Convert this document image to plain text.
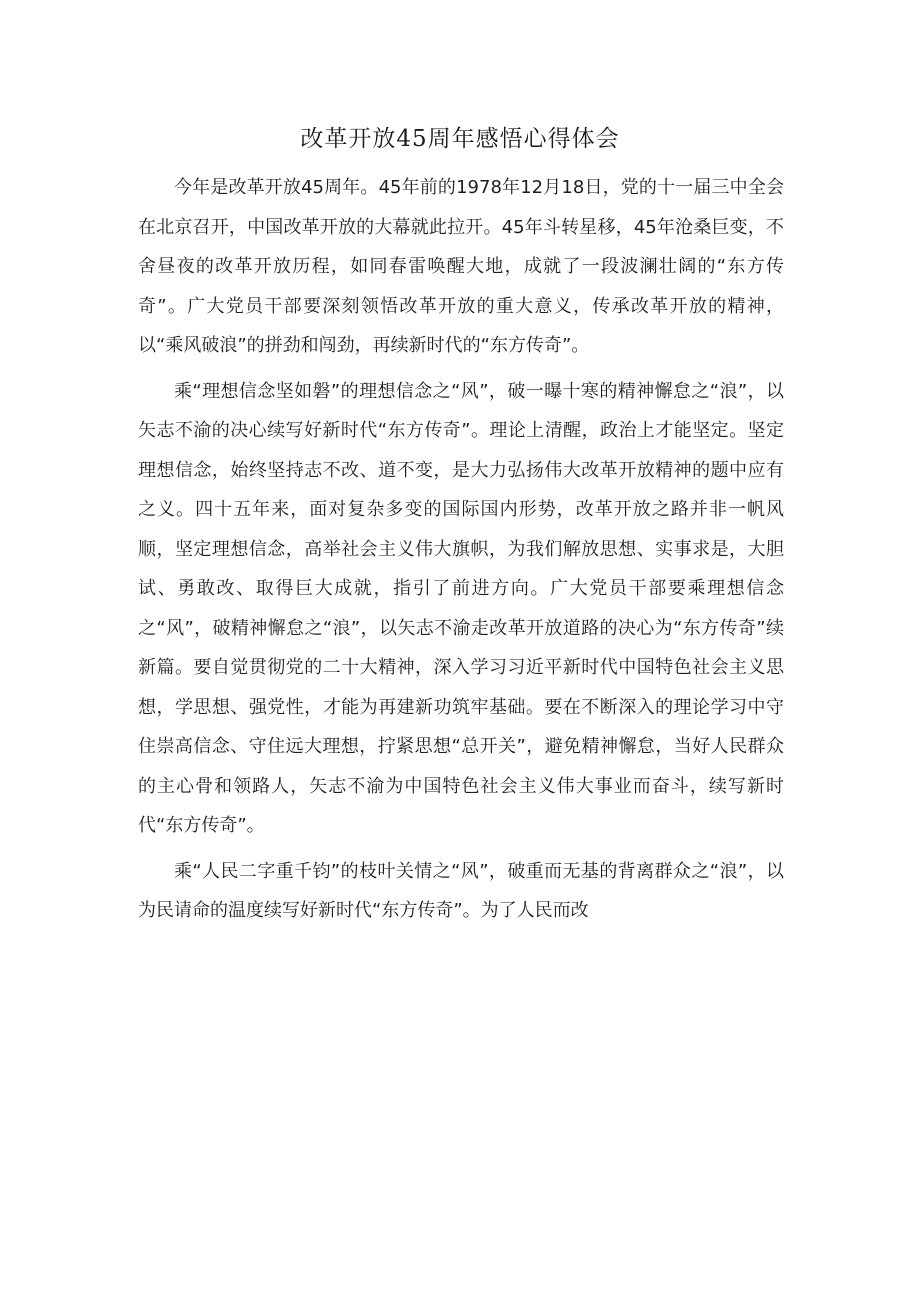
改革开放45周年感悟心得体会

今年是改革开放45周年。45年前的1978年12月18日，党的十一届三中全会在北京召开，中国改革开放的大幕就此拉开。45年斗转星移，45年沧桑巨变，不舍昼夜的改革开放历程，如同春雷唤醒大地，成就了一段波澜壮阔的“东方传奇”。广大党员干部要深刻领悟改革开放的重大意义，传承改革开放的精神，以“乘风破浪”的拼劲和闯劲，再续新时代的“东方传奇”。

乘“理想信念坚如磐”的理想信念之“风”，破一曝十寒的精神懈怠之“浪”，以矢志不渝的决心续写好新时代“东方传奇”。理论上清醒，政治上才能坚定。坚定理想信念，始终坚持志不改、道不变，是大力弘扬伟大改革开放精神的题中应有之义。四十五年来，面对复杂多变的国际国内形势，改革开放之路并非一帆风顺，坚定理想信念，高举社会主义伟大旗帜，为我们解放思想、实事求是，大胆试、勇敢改、取得巨大成就，指引了前进方向。广大党员干部要乘理想信念之“风”，破精神懈怠之“浪”，以矢志不渝走改革开放道路的决心为“东方传奇”续新篇。要自觉贯彻党的二十大精神，深入学习习近平新时代中国特色社会主义思想，学思想、强党性，才能为再建新功筑牢基础。要在不断深入的理论学习中守住崇高信念、守住远大理想，拧紧思想“总开关”，避免精神懈怠，当好人民群众的主心骨和领路人，矢志不渝为中国特色社会主义伟大事业而奋斗，续写新时代“东方传奇”。

乘“人民二字重千钧”的枝叶关情之“风”，破重而无基的背离群众之“浪”，以为民请命的温度续写好新时代“东方传奇”。为了人民而改
